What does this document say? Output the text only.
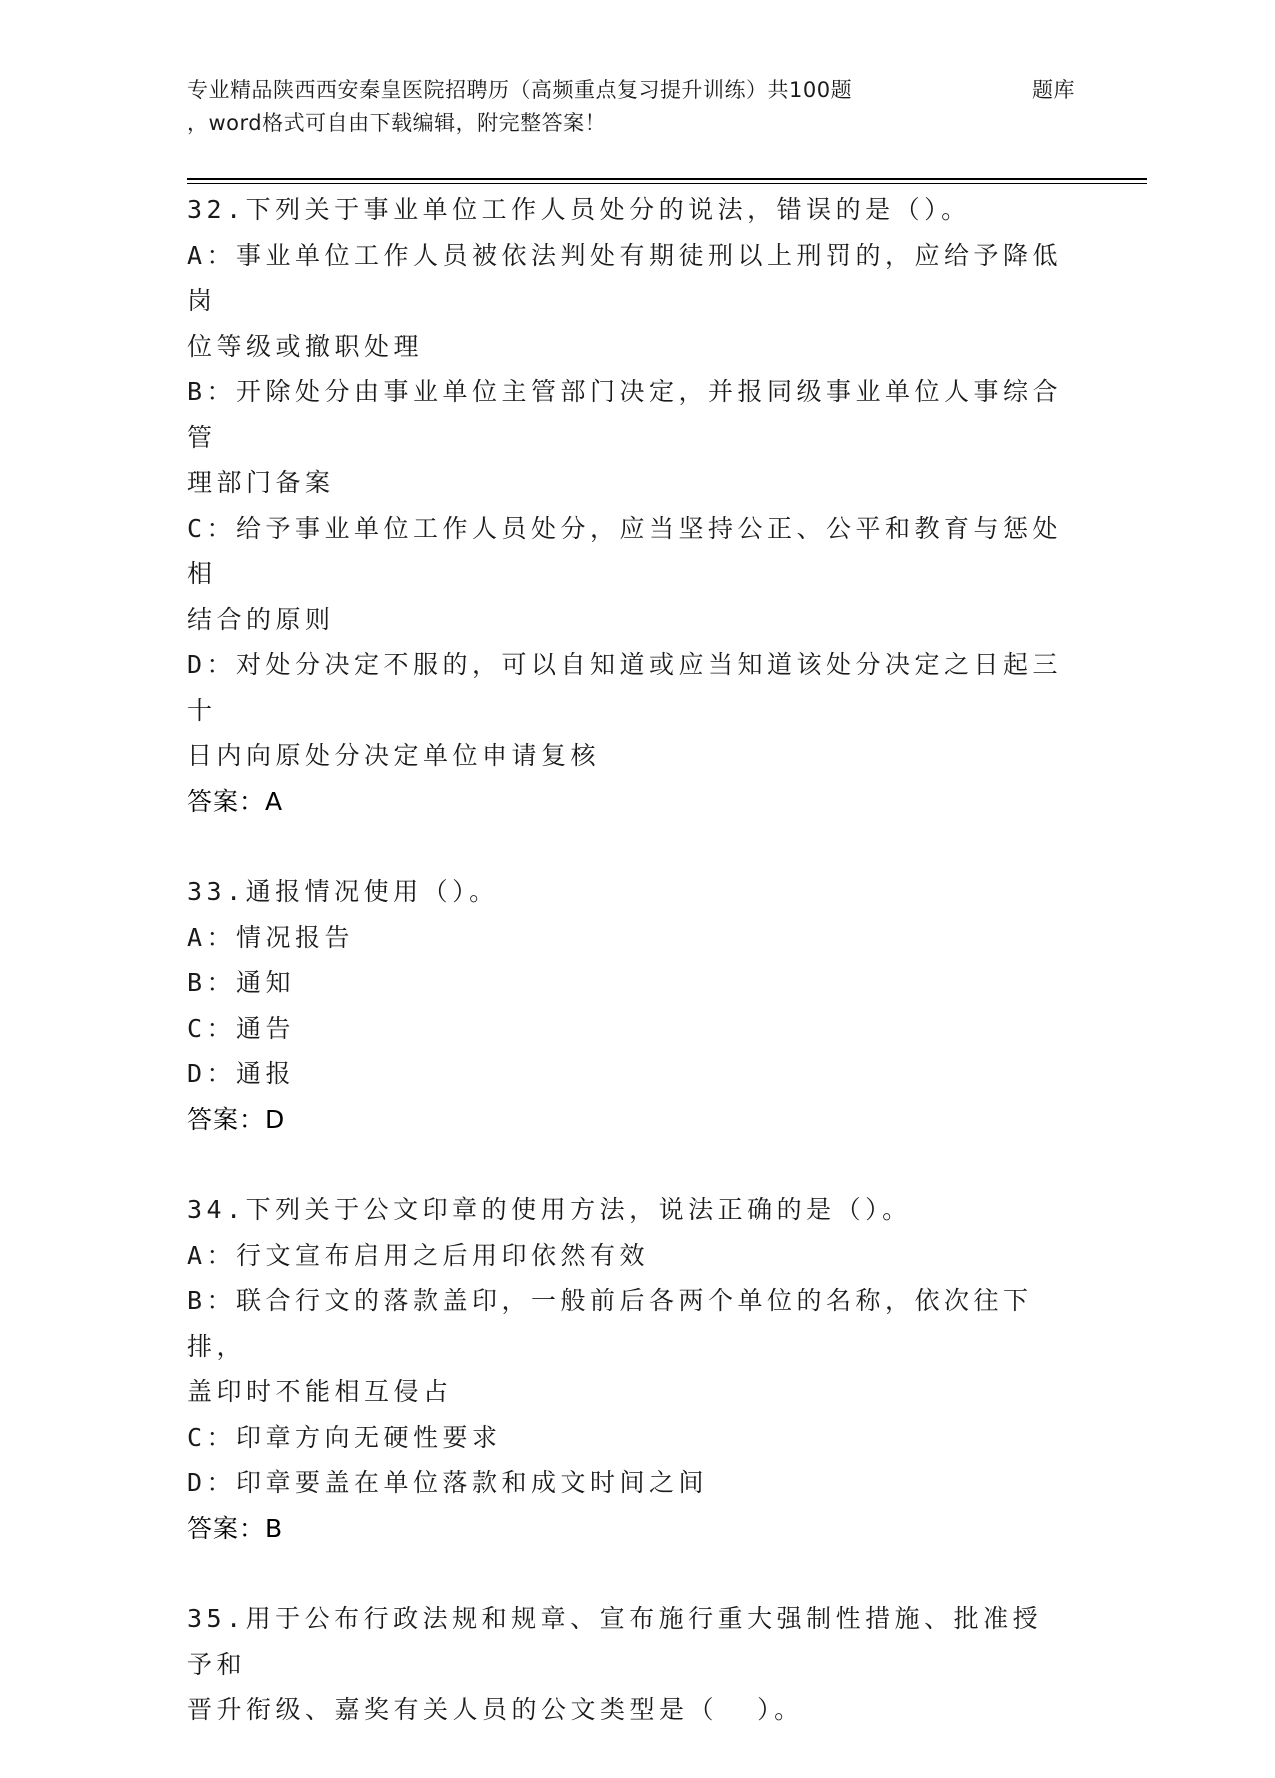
专业精品陕西西安秦皇医院招聘历（高频重点复习提升训练）共100题	题库
，word格式可自由下载编辑，附完整答案！
32.下列关于事业单位工作人员处分的说法，错误的是（）。
A：事业单位工作人员被依法判处有期徒刑以上刑罚的，应给予降低岗
位等级或撤职处理
B：开除处分由事业单位主管部门决定，并报同级事业单位人事综合管
理部门备案
C：给予事业单位工作人员处分，应当坚持公正、公平和教育与惩处相
结合的原则
D：对处分决定不服的，可以自知道或应当知道该处分决定之日起三十
日内向原处分决定单位申请复核
答案：A
33.通报情况使用（）。
A：情况报告
B：通知
C：通告
D：通报
答案：D
34.下列关于公文印章的使用方法，说法正确的是（）。
A：行文宣布启用之后用印依然有效
B：联合行文的落款盖印，一般前后各两个单位的名称，依次往下排，
盖印时不能相互侵占
C：印章方向无硬性要求
D：印章要盖在单位落款和成文时间之间
答案：B
35.用于公布行政法规和规章、宣布施行重大强制性措施、批准授予和
晋升衔级、嘉奖有关人员的公文类型是（  ）。
